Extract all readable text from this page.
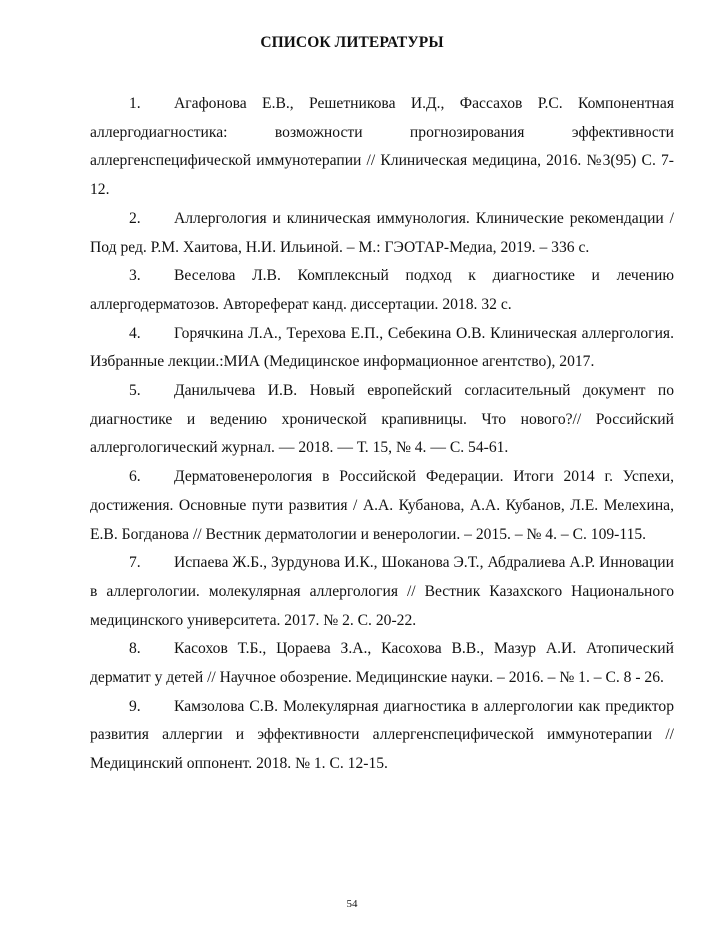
СПИСОК ЛИТЕРАТУРЫ
1. Агафонова Е.В., Решетникова И.Д., Фассахов Р.С. Компонентная аллергодиагностика: возможности прогнозирования эффективности аллергенспецифической иммунотерапии // Клиническая медицина, 2016. №3(95) С. 7-12.
2. Аллергология и клиническая иммунология. Клинические рекомендации / Под ред. Р.М. Хаитова, Н.И. Ильиной. – М.: ГЭОТАР-Медиа, 2019. – 336 с.
3. Веселова Л.В. Комплексный подход к диагностике и лечению аллергодерматозов. Автореферат канд. диссертации. 2018. 32 с.
4. Горячкина Л.А., Терехова Е.П., Себекина О.В. Клиническая аллергология. Избранные лекции.:МИА (Медицинское информационное агентство), 2017.
5. Данилычева И.В. Новый европейский согласительный документ по диагностике и ведению хронической крапивницы. Что нового?// Российский аллергологический журнал. — 2018. — Т. 15, № 4. — С. 54-61.
6. Дерматовенерология в Российской Федерации. Итоги 2014 г. Успехи, достижения. Основные пути развития / А.А. Кубанова, А.А. Кубанов, Л.Е. Мелехина, Е.В. Богданова // Вестник дерматологии и венерологии. – 2015. – № 4. – С. 109-115.
7. Испаева Ж.Б., Зурдунова И.К., Шоканова Э.Т., Абдралиева А.Р. Инновации в аллергологии. молекулярная аллергология // Вестник Казахского Национального медицинского университета. 2017. № 2. С. 20-22.
8. Касохов Т.Б., Цораева З.А., Касохова В.В., Мазур А.И. Атопический дерматит у детей // Научное обозрение. Медицинские науки. – 2016. – № 1. – С. 8 - 26.
9. Камзолова С.В. Молекулярная диагностика в аллергологии как предиктор развития аллергии и эффективности аллергенспецифической иммунотерапии // Медицинский оппонент. 2018. № 1. С. 12-15.
54
